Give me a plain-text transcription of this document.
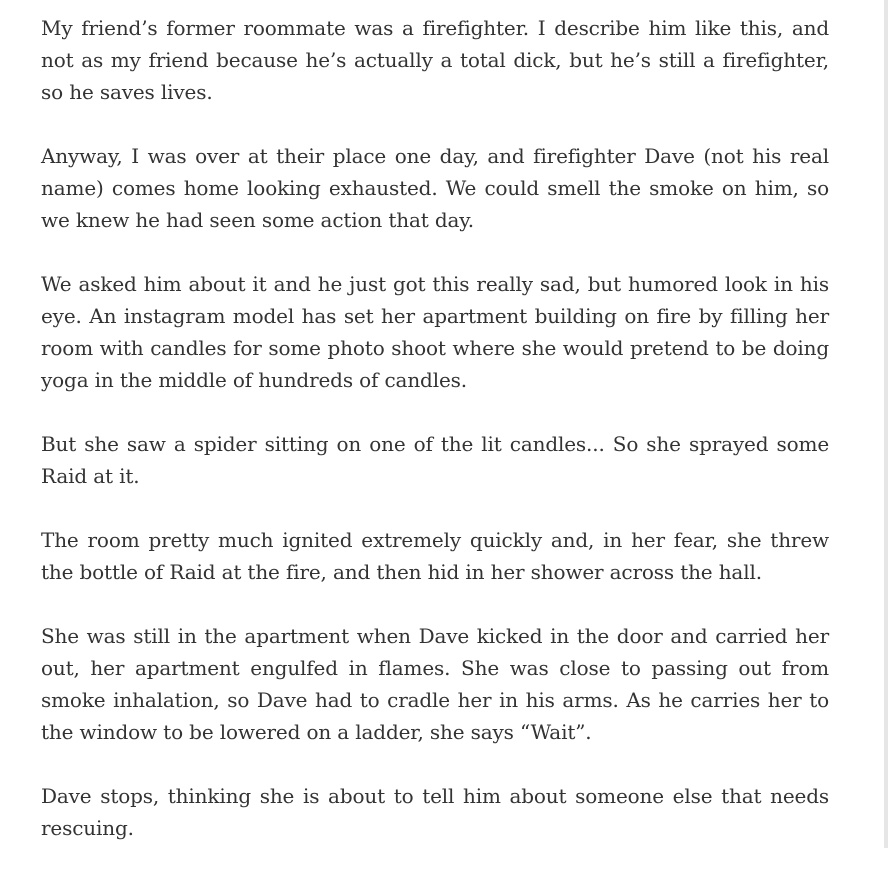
My friend’s former roommate was a firefighter. I describe him like this, and not as my friend because he’s actually a total dick, but he’s still a firefighter, so he saves lives.

Anyway, I was over at their place one day, and firefighter Dave (not his real name) comes home looking exhausted. We could smell the smoke on him, so we knew he had seen some action that day.

We asked him about it and he just got this really sad, but humored look in his eye. An instagram model has set her apartment building on fire by filling her room with candles for some photo shoot where she would pretend to be doing yoga in the middle of hundreds of candles.

But she saw a spider sitting on one of the lit candles... So she sprayed some Raid at it.

The room pretty much ignited extremely quickly and, in her fear, she threw the bottle of Raid at the fire, and then hid in her shower across the hall.

She was still in the apartment when Dave kicked in the door and carried her out, her apartment engulfed in flames. She was close to passing out from smoke inhalation, so Dave had to cradle her in his arms. As he carries her to the window to be lowered on a ladder, she says “Wait”.

Dave stops, thinking she is about to tell him about someone else that needs rescuing.
